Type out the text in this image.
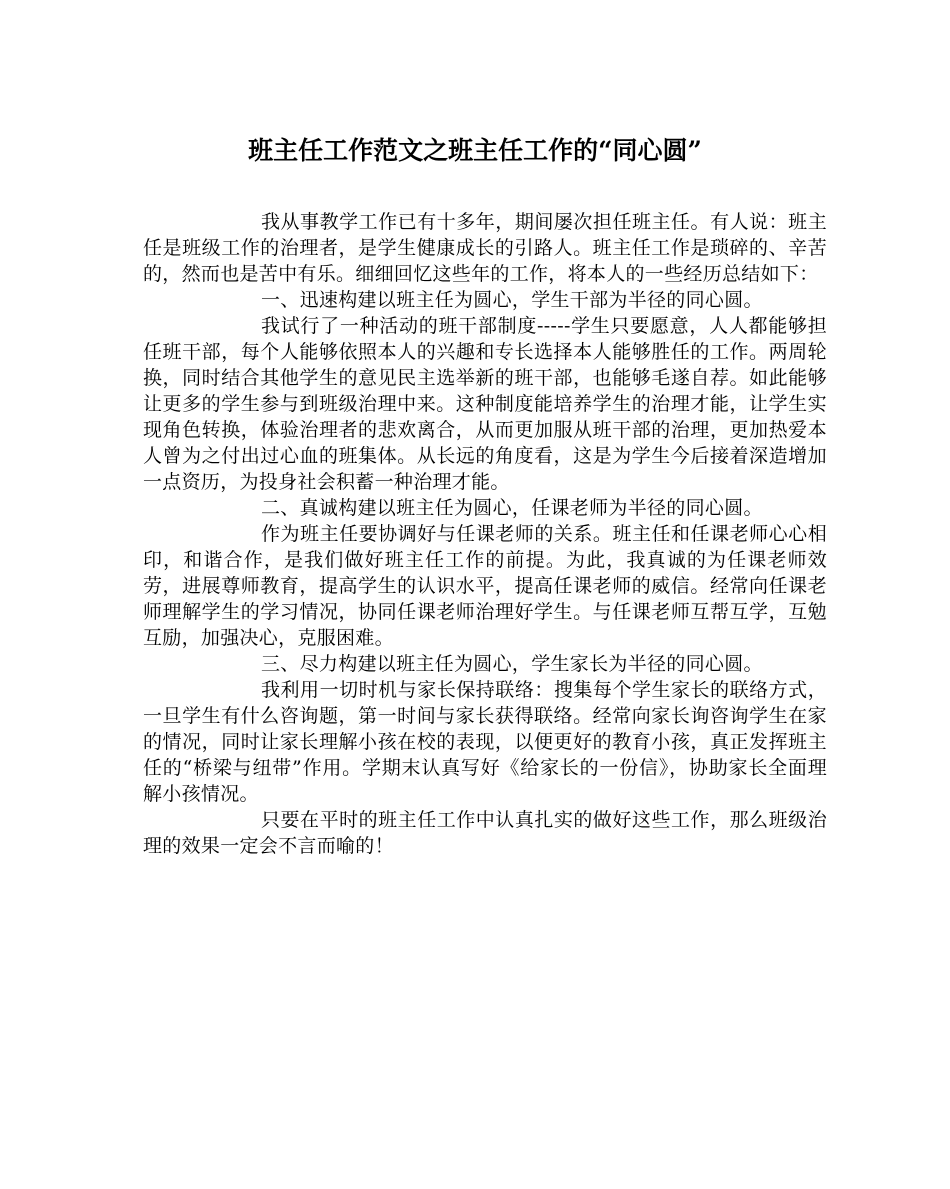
班主任工作范文之班主任工作的“同心圆”

我从事教学工作已有十多年，期间屡次担任班主任。有人说：班主任是班级工作的治理者，是学生健康成长的引路人。班主任工作是琐碎的、辛苦的，然而也是苦中有乐。细细回忆这些年的工作，将本人的一些经历总结如下：

一、迅速构建以班主任为圆心，学生干部为半径的同心圆。

我试行了一种活动的班干部制度-----学生只要愿意，人人都能够担任班干部，每个人能够依照本人的兴趣和专长选择本人能够胜任的工作。两周轮换，同时结合其他学生的意见民主选举新的班干部，也能够毛遂自荐。如此能够让更多的学生参与到班级治理中来。这种制度能培养学生的治理才能，让学生实现角色转换，体验治理者的悲欢离合，从而更加服从班干部的治理，更加热爱本人曾为之付出过心血的班集体。从长远的角度看，这是为学生今后接着深造增加一点资历，为投身社会积蓄一种治理才能。

二、真诚构建以班主任为圆心，任课老师为半径的同心圆。

作为班主任要协调好与任课老师的关系。班主任和任课老师心心相印，和谐合作，是我们做好班主任工作的前提。为此，我真诚的为任课老师效劳，进展尊师教育，提高学生的认识水平，提高任课老师的威信。经常向任课老师理解学生的学习情况，协同任课老师治理好学生。与任课老师互帮互学，互勉互励，加强决心，克服困难。

三、尽力构建以班主任为圆心，学生家长为半径的同心圆。

我利用一切时机与家长保持联络：搜集每个学生家长的联络方式，一旦学生有什么咨询题，第一时间与家长获得联络。经常向家长询咨询学生在家的情况，同时让家长理解小孩在校的表现，以便更好的教育小孩，真正发挥班主任的“桥梁与纽带”作用。学期末认真写好《给家长的一份信》，协助家长全面理解小孩情况。

只要在平时的班主任工作中认真扎实的做好这些工作，那么班级治理的效果一定会不言而喻的！
